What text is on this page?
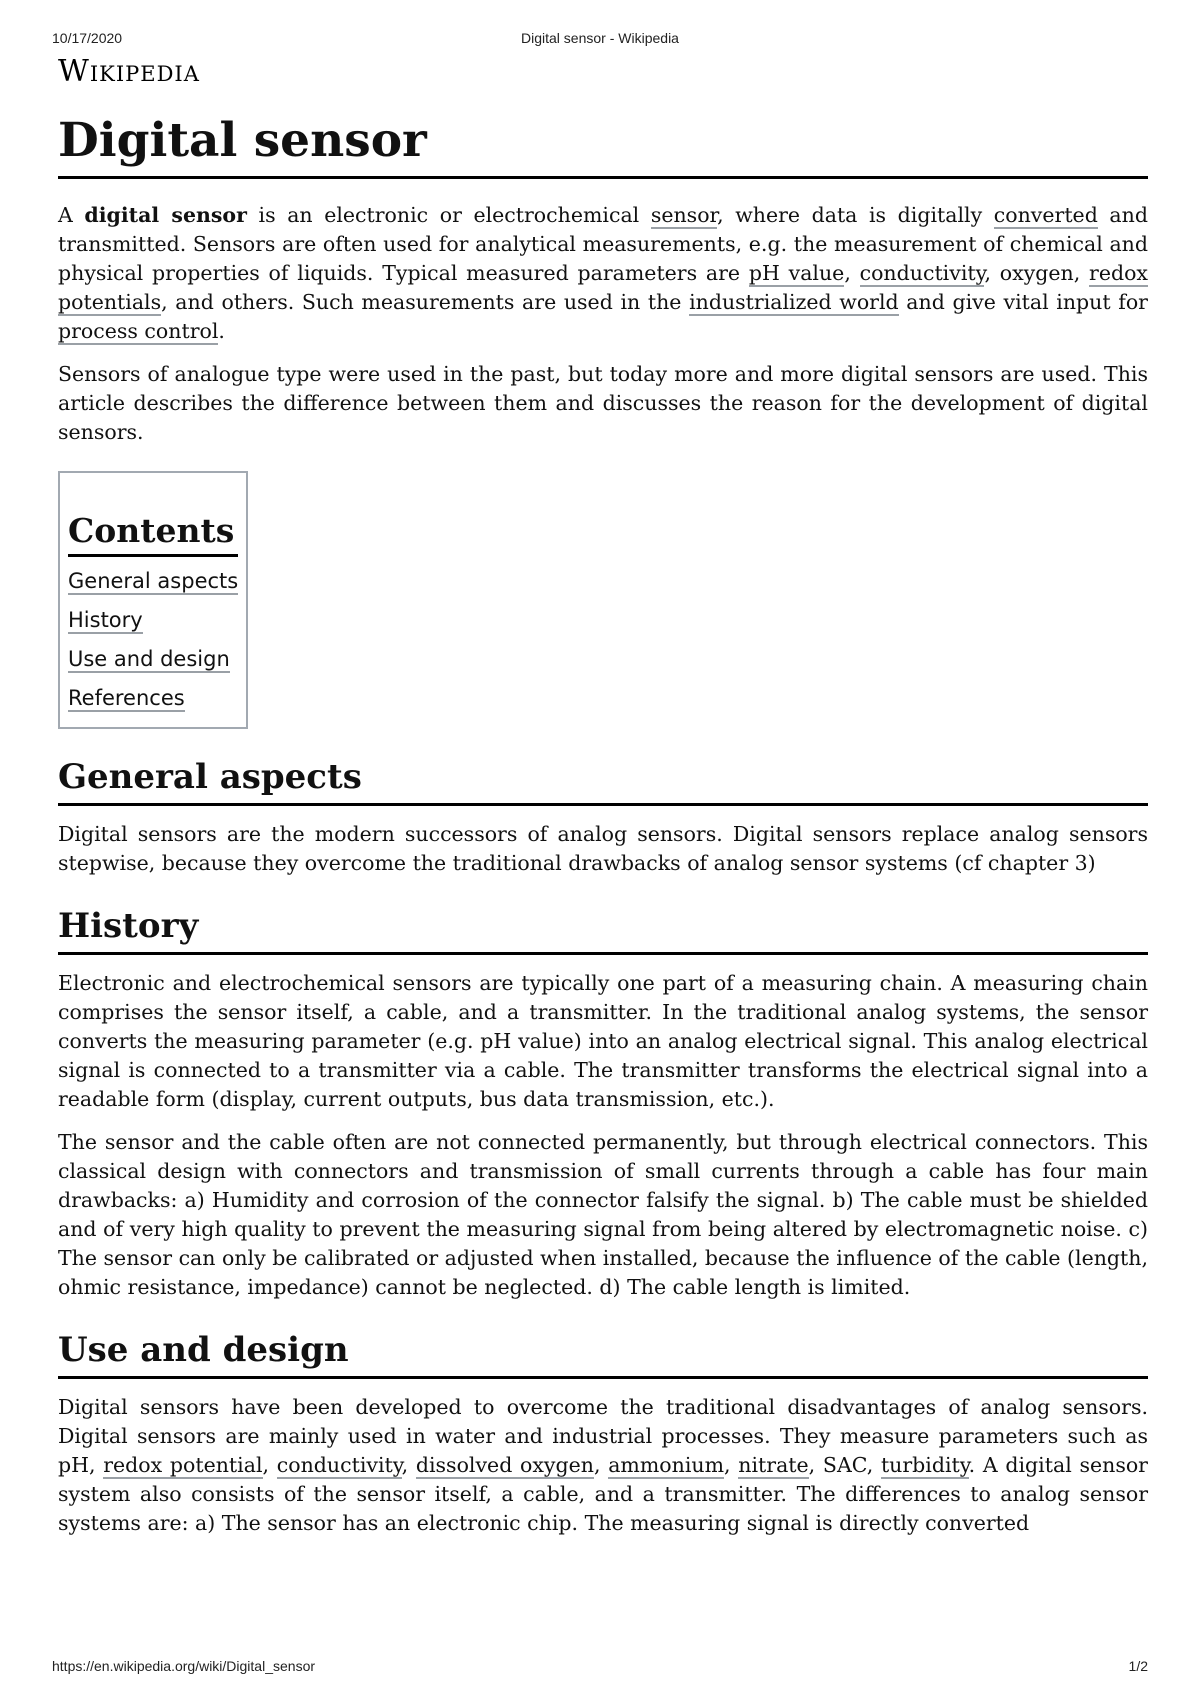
10/17/2020	Digital sensor - Wikipedia
Wikipedia
Digital sensor

A digital sensor is an electronic or electrochemical sensor, where data is digitally converted and transmitted. Sensors are often used for analytical measurements, e.g. the measurement of chemical and physical properties of liquids. Typical measured parameters are pH value, conductivity, oxygen, redox potentials, and others. Such measurements are used in the industrialized world and give vital input for process control.

Sensors of analogue type were used in the past, but today more and more digital sensors are used. This article describes the difference between them and discusses the reason for the development of digital sensors.

Contents
General aspects
History
Use and design
References
General aspects

Digital sensors are the modern successors of analog sensors. Digital sensors replace analog sensors stepwise, because they overcome the traditional drawbacks of analog sensor systems (cf chapter 3)

History

Electronic and electrochemical sensors are typically one part of a measuring chain. A measuring chain comprises the sensor itself, a cable, and a transmitter. In the traditional analog systems, the sensor converts the measuring parameter (e.g. pH value) into an analog electrical signal. This analog electrical signal is connected to a transmitter via a cable. The transmitter transforms the electrical signal into a readable form (display, current outputs, bus data transmission, etc.).

The sensor and the cable often are not connected permanently, but through electrical connectors. This classical design with connectors and transmission of small currents through a cable has four main drawbacks: a) Humidity and corrosion of the connector falsify the signal. b) The cable must be shielded and of very high quality to prevent the measuring signal from being altered by electromagnetic noise. c) The sensor can only be calibrated or adjusted when installed, because the influence of the cable (length, ohmic resistance, impedance) cannot be neglected. d) The cable length is limited.

Use and design

Digital sensors have been developed to overcome the traditional disadvantages of analog sensors. Digital sensors are mainly used in water and industrial processes. They measure parameters such as pH, redox potential, conductivity, dissolved oxygen, ammonium, nitrate, SAC, turbidity. A digital sensor system also consists of the sensor itself, a cable, and a transmitter. The differences to analog sensor systems are: a) The sensor has an electronic chip. The measuring signal is directly converted

https://en.wikipedia.org/wiki/Digital_sensor	1/2
